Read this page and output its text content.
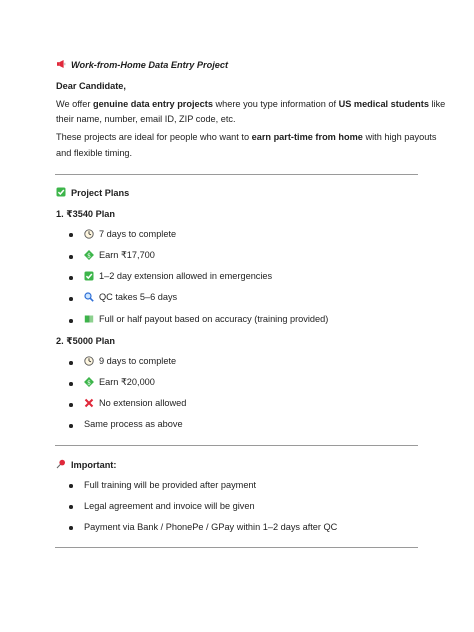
Work-from-Home Data Entry Project
Dear Candidate,
We offer genuine data entry projects where you type information of US medical students like
their name, number, email ID, ZIP code, etc.
These projects are ideal for people who want to earn part-time from home with high payouts
and flexible timing.
Project Plans
1. ₹3540 Plan
7 days to complete
$ Earn ₹17,700
1–2 day extension allowed in emergencies
QC takes 5–6 days
Full or half payout based on accuracy (training provided)
2. ₹5000 Plan
9 days to complete
$ Earn ₹20,000
No extension allowed
Same process as above
Important:
Full training will be provided after payment
Legal agreement and invoice will be given
Payment via Bank / PhonePe / GPay within 1–2 days after QC
